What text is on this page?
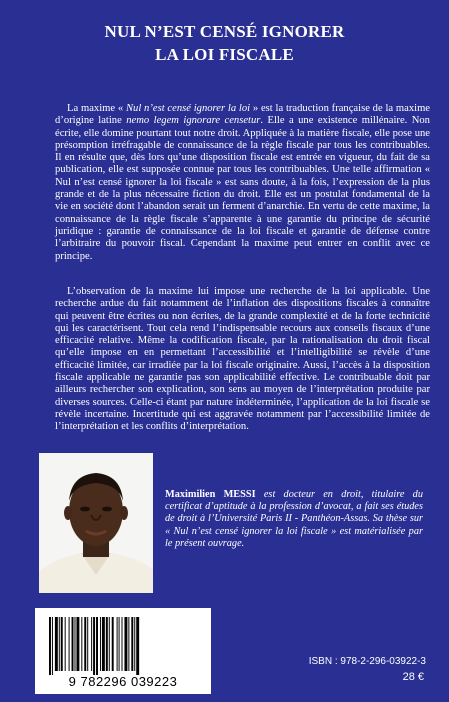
NUL N’EST CENSÉ IGNORER
LA LOI FISCALE
La maxime « Nul n’est censé ignorer la loi » est la traduction française de la maxime d’origine latine nemo legem ignorare censetur. Elle a une existence millénaire. Non écrite, elle domine pourtant tout notre droit. Appliquée à la matière fiscale, elle pose une présomption irréfragable de connaissance de la règle fiscale par tous les contribuables. Il en résulte que, dès lors qu’une disposition fiscale est entrée en vigueur, du fait de sa publication, elle est supposée connue par tous les contribuables. Une telle affirmation « Nul n’est censé ignorer la loi fiscale » est sans doute, à la fois, l’expression de la plus grande et de la plus nécessaire fiction du droit. Elle est un postulat fondamental de la vie en société dont l’abandon serait un ferment d’anarchie. En vertu de cette maxime, la connaissance de la règle fiscale s’apparente à une garantie du principe de sécurité juridique : garantie de connaissance de la loi fiscale et garantie de défense contre l’arbitraire du pouvoir fiscal. Cependant la maxime peut entrer en conflit avec ce principe.
L’observation de la maxime lui impose une recherche de la loi applicable. Une recherche ardue du fait notamment de l’inflation des dispositions fiscales à connaître qui peuvent être écrites ou non écrites, de la grande complexité et de la forte technicité qui les caractérisent. Tout cela rend l’indispensable recours aux conseils fiscaux d’une efficacité relative. Même la codification fiscale, par la rationalisation du droit fiscal qu’elle impose en en permettant l’accessibilité et l’intelligibilité se révèle d’une efficacité limitée, car irradiée par la loi fiscale originaire. Aussi, l’accès à la disposition fiscale applicable ne garantie pas son applicabilité effective. Le contribuable doit par ailleurs rechercher son explication, son sens au moyen de l’interprétation produite par diverses sources. Celle-ci étant par nature indéterminée, l’application de la loi fiscale se révèle incertaine. Incertitude qui est aggravée notamment par l’accessibilité limitée de l’interprétation et les conflits d’interprétation.
Maximilien MESSI est docteur en droit, titulaire du certificat d’aptitude à la profession d’avocat, a fait ses études de droit à l’Université Paris II - Panthéon-Assas. Sa thèse sur « Nul n’est censé ignorer la loi fiscale » est matérialisée par le présent ouvrage.
9 782296 039223
ISBN : 978-2-296-03922-3
28 €
